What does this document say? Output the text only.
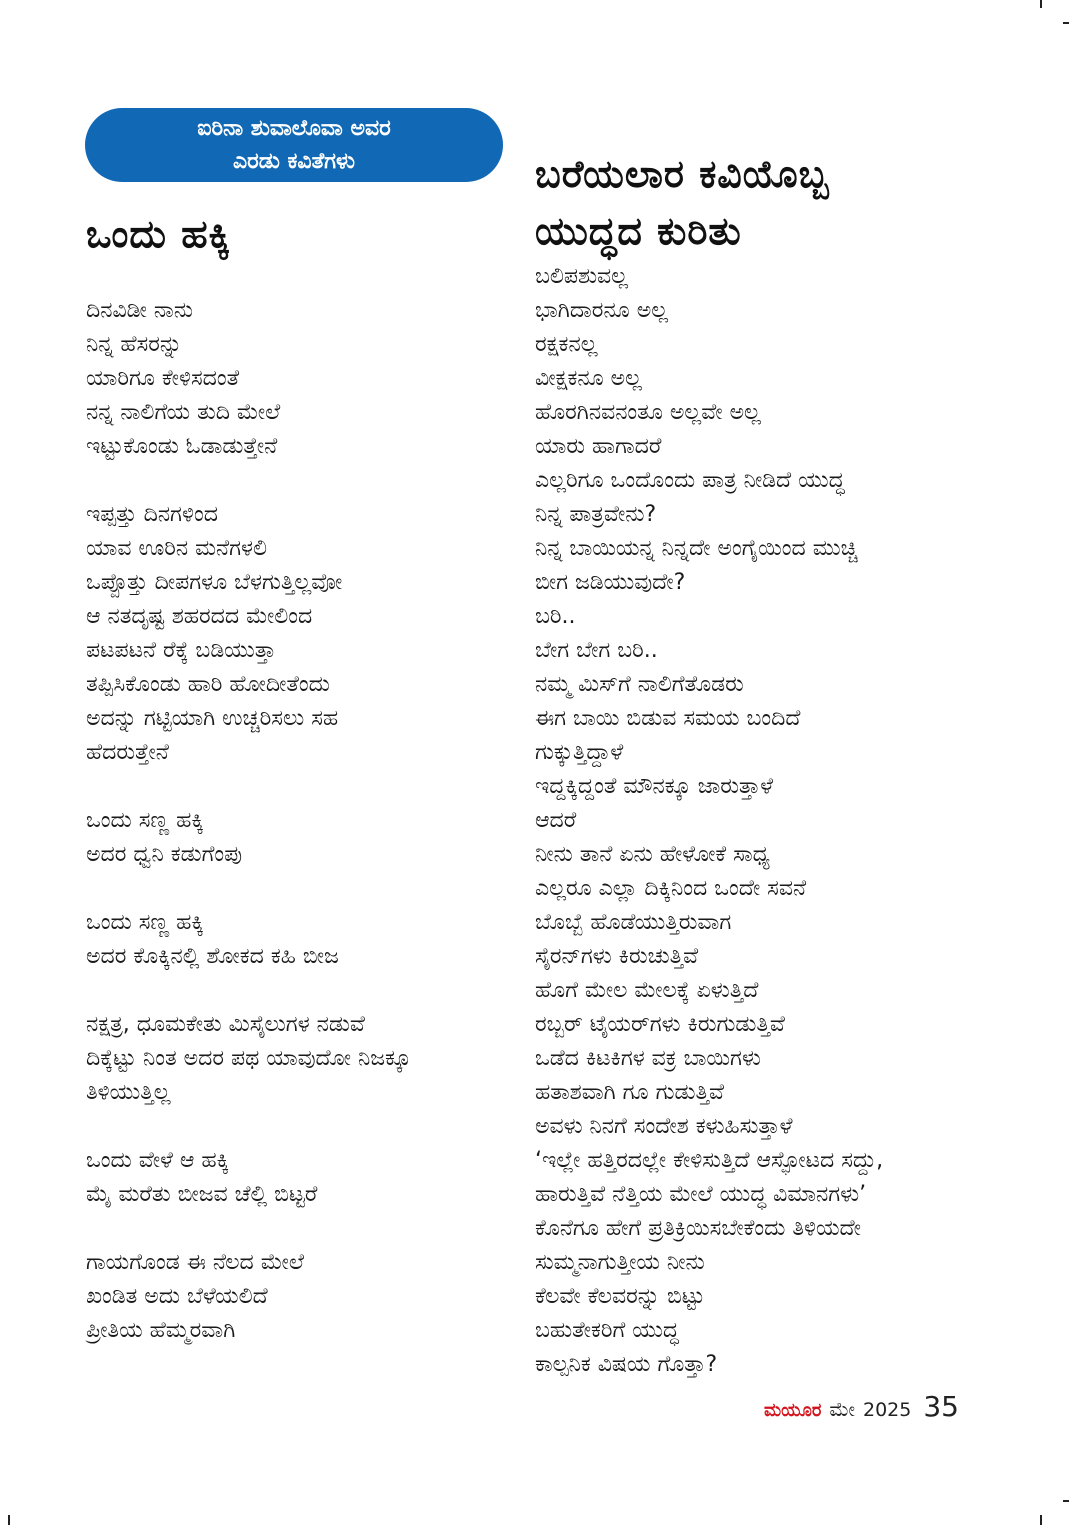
ಐರಿನಾ ಶುವಾಲೊವಾ ಅವರ
ಎರಡು ಕವಿತೆಗಳು
ಒಂದು ಹಕ್ಕಿ
ಬರೆಯಲಾರ ಕವಿಯೊಬ್ಬ
ಯುದ್ಧದ ಕುರಿತು
ದಿನವಿಡೀ ನಾನು
ನಿನ್ನ ಹೆಸರನ್ನು
ಯಾರಿಗೂ ಕೇಳಿಸದಂತೆ
ನನ್ನ ನಾಲಿಗೆಯ ತುದಿ ಮೇಲೆ
ಇಟ್ಟುಕೊಂಡು ಓಡಾಡುತ್ತೇನೆ
ಇಪ್ಪತ್ತು ದಿನಗಳಿಂದ
ಯಾವ ಊರಿನ ಮನೆಗಳಲಿ
ಒಪ್ಪೊತ್ತು ದೀಪಗಳೂ ಬೆಳಗುತ್ತಿಲ್ಲವೋ
ಆ ನತದೃಷ್ಟ ಶಹರದದ ಮೇಲಿಂದ
ಪಟಪಟನೆ ರೆಕ್ಕೆ ಬಡಿಯುತ್ತಾ
ತಪ್ಪಿಸಿಕೊಂಡು ಹಾರಿ ಹೋದೀತೆಂದು
ಅದನ್ನು ಗಟ್ಟಿಯಾಗಿ ಉಚ್ಚರಿಸಲು ಸಹ
ಹೆದರುತ್ತೇನೆ
ಒಂದು ಸಣ್ಣ ಹಕ್ಕಿ
ಅದರ ಧ್ವನಿ ಕಡುಗೆಂಪು
ಒಂದು ಸಣ್ಣ ಹಕ್ಕಿ
ಅದರ ಕೊಕ್ಕಿನಲ್ಲಿ ಶೋಕದ ಕಹಿ ಬೀಜ
ನಕ್ಷತ್ರ, ಧೂಮಕೇತು ಮಿಸೈಲುಗಳ ನಡುವೆ
ದಿಕ್ಕೆಟ್ಟು ನಿಂತ ಅದರ ಪಥ ಯಾವುದೋ ನಿಜಕ್ಕೂ
ತಿಳಿಯುತ್ತಿಲ್ಲ
ಒಂದು ವೇಳೆ ಆ ಹಕ್ಕಿ
ಮೈ ಮರೆತು ಬೀಜವ ಚೆಲ್ಲಿ ಬಿಟ್ಟರೆ
ಗಾಯಗೊಂಡ ಈ ನೆಲದ ಮೇಲೆ
ಖಂಡಿತ ಅದು ಬೆಳೆಯಲಿದೆ
ಪ್ರೀತಿಯ ಹೆಮ್ಮರವಾಗಿ
ಬಲಿಪಶುವಲ್ಲ
ಭಾಗಿದಾರನೂ ಅಲ್ಲ
ರಕ್ಷಕನಲ್ಲ
ವೀಕ್ಷಕನೂ ಅಲ್ಲ
ಹೊರಗಿನವನಂತೂ ಅಲ್ಲವೇ ಅಲ್ಲ
ಯಾರು ಹಾಗಾದರೆ
ಎಲ್ಲರಿಗೂ ಒಂದೊಂದು ಪಾತ್ರ ನೀಡಿದೆ ಯುದ್ಧ
ನಿನ್ನ ಪಾತ್ರವೇನು?
ನಿನ್ನ ಬಾಯಿಯನ್ನ ನಿನ್ನದೇ ಅಂಗೈಯಿಂದ ಮುಚ್ಚಿ
ಬೀಗ ಜಡಿಯುವುದೇ?
ಬರಿ..
ಬೇಗ ಬೇಗ ಬರಿ..
ನಮ್ಮ ಮಿಸ್‌ಗೆ ನಾಲಿಗೆತೊಡರು
ಈಗ ಬಾಯಿ ಬಿಡುವ ಸಮಯ ಬಂದಿದೆ
ಗುಕ್ಕುತ್ತಿದ್ದಾಳೆ
ಇದ್ದಕ್ಕಿದ್ದಂತೆ ಮೌನಕ್ಕೂ ಜಾರುತ್ತಾಳೆ
ಆದರೆ
ನೀನು ತಾನೆ ಏನು ಹೇಳೋಕೆ ಸಾಧ್ಯ
ಎಲ್ಲರೂ ಎಲ್ಲಾ ದಿಕ್ಕಿನಿಂದ ಒಂದೇ ಸವನೆ
ಬೊಬ್ಬೆ ಹೊಡೆಯುತ್ತಿರುವಾಗ
ಸೈರನ್‌ಗಳು ಕಿರುಚುತ್ತಿವೆ
ಹೊಗೆ ಮೇಲ ಮೇಲಕ್ಕೆ ಏಳುತ್ತಿದೆ
ರಬ್ಬರ್ ಟೈಯರ್‌ಗಳು ಕಿರುಗುಡುತ್ತಿವೆ
ಒಡೆದ ಕಿಟಕಿಗಳ ವಕ್ರ ಬಾಯಿಗಳು
ಹತಾಶವಾಗಿ ಗೂ ಗುಡುತ್ತಿವೆ
ಅವಳು ನಿನಗೆ ಸಂದೇಶ ಕಳುಹಿಸುತ್ತಾಳೆ
‘ಇಲ್ಲೇ ಹತ್ತಿರದಲ್ಲೇ ಕೇಳಿಸುತ್ತಿದೆ ಆಸ್ಫೋಟದ ಸದ್ದು,
ಹಾರುತ್ತಿವೆ ನೆತ್ತಿಯ ಮೇಲೆ ಯುದ್ಧ ವಿಮಾನಗಳು’
ಕೊನೆಗೂ ಹೇಗೆ ಪ್ರತಿಕ್ರಿಯಿಸಬೇಕೆಂದು ತಿಳಿಯದೇ
ಸುಮ್ಮನಾಗುತ್ತೀಯ ನೀನು
ಕೆಲವೇ ಕೆಲವರನ್ನು ಬಿಟ್ಟು
ಬಹುತೇಕರಿಗೆ ಯುದ್ಧ
ಕಾಲ್ಪನಿಕ ವಿಷಯ ಗೊತ್ತಾ?
ಮಯೂರ ಮೇ 2025 35
